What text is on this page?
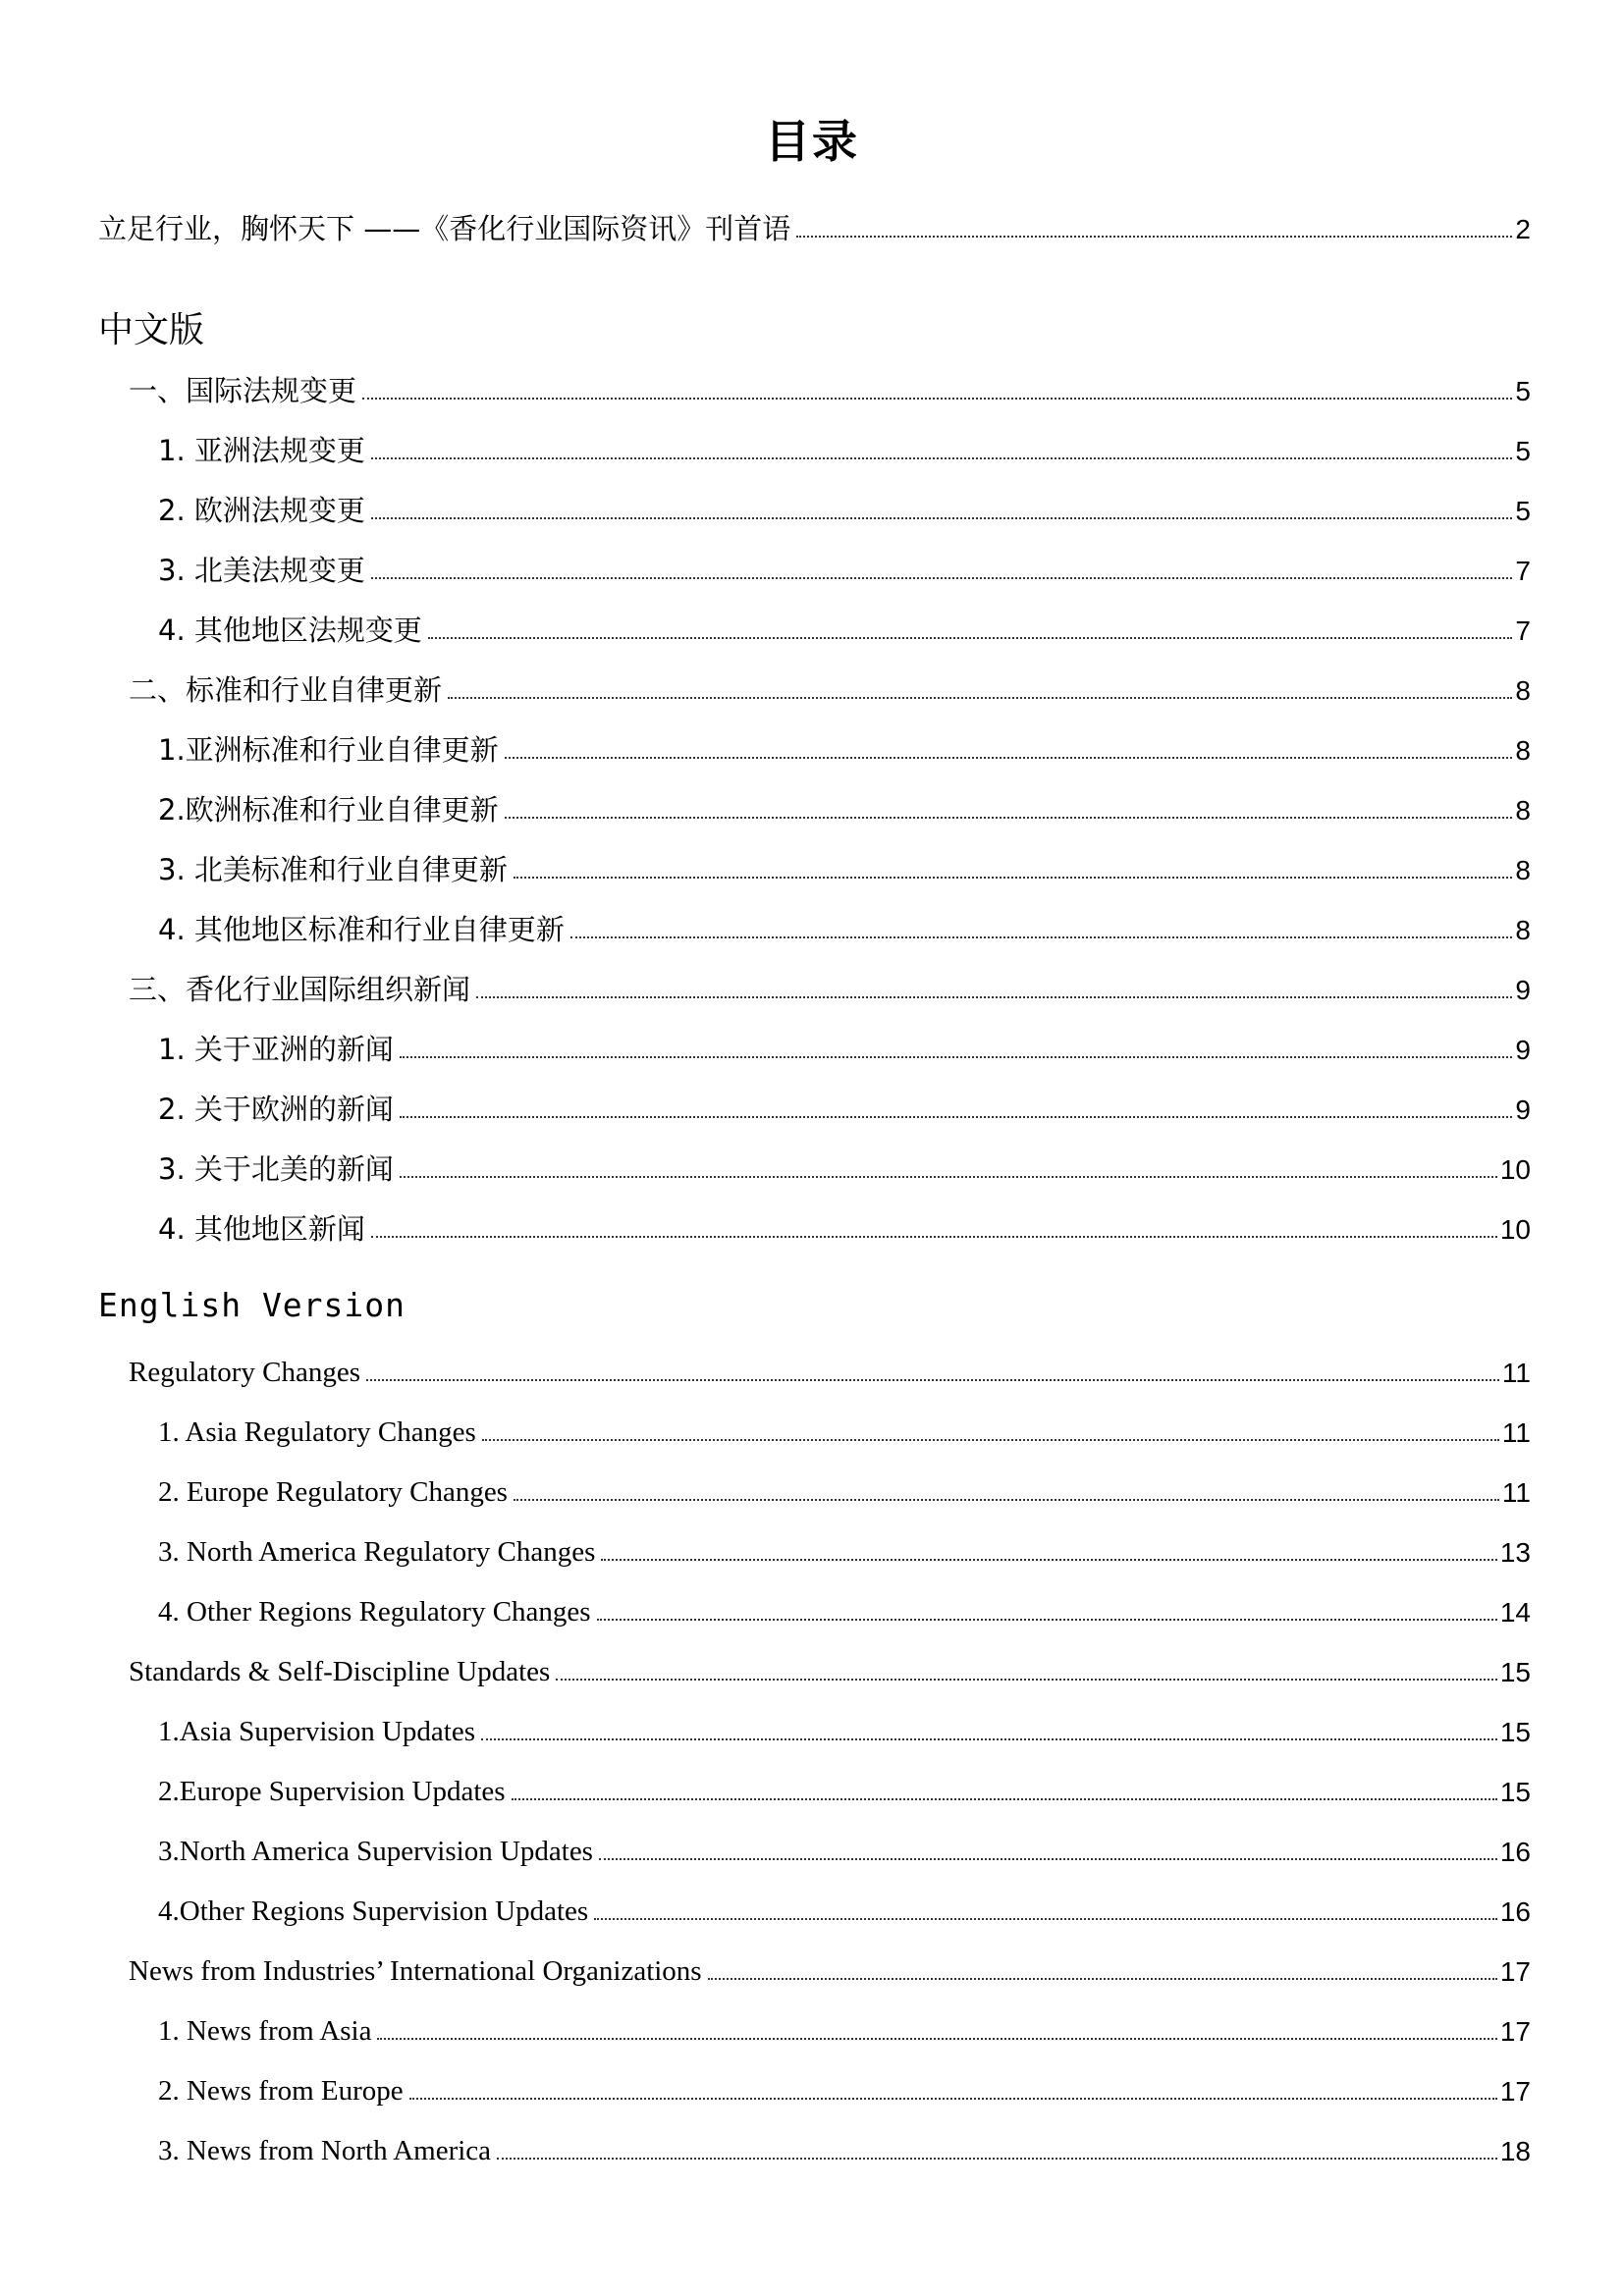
目录
立足行业，胸怀天下 ——《香化行业国际资讯》刊首语	2
中文版
一、国际法规变更	5
1. 亚洲法规变更	5
2. 欧洲法规变更	5
3. 北美法规变更	7
4. 其他地区法规变更	7
二、标准和行业自律更新	8
1.亚洲标准和行业自律更新	8
2.欧洲标准和行业自律更新	8
3. 北美标准和行业自律更新	8
4. 其他地区标准和行业自律更新	8
三、香化行业国际组织新闻	9
1. 关于亚洲的新闻	9
2. 关于欧洲的新闻	9
3. 关于北美的新闻	10
4. 其他地区新闻	10
English Version
Regulatory Changes	11
1. Asia Regulatory Changes	11
2. Europe Regulatory Changes	11
3. North America Regulatory Changes	13
4. Other Regions Regulatory Changes	14
Standards & Self-Discipline Updates	15
1.Asia Supervision Updates	15
2.Europe Supervision Updates	15
3.North America Supervision Updates	16
4.Other Regions Supervision Updates	16
News from Industries’ International Organizations	17
1. News from Asia	17
2. News from Europe	17
3. News from North America	18
